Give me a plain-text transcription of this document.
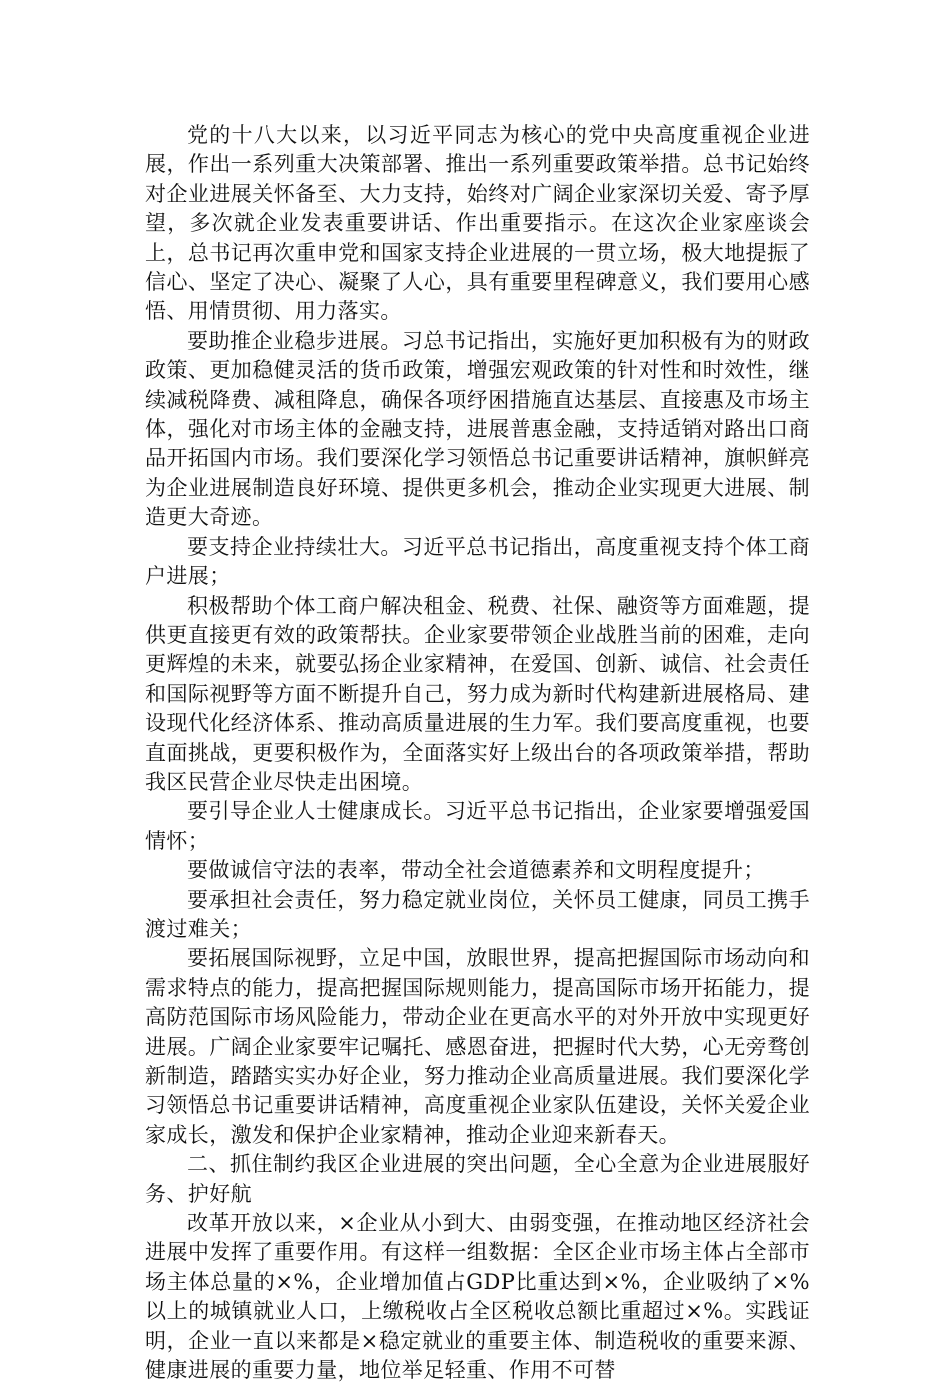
党的十八大以来，以习近平同志为核心的党中央高度重视企业进展，作出一系列重大决策部署、推出一系列重要政策举措。总书记始终对企业进展关怀备至、大力支持，始终对广阔企业家深切关爱、寄予厚望，多次就企业发表重要讲话、作出重要指示。在这次企业家座谈会上，总书记再次重申党和国家支持企业进展的一贯立场，极大地提振了信心、坚定了决心、凝聚了人心，具有重要里程碑意义，我们要用心感悟、用情贯彻、用力落实。

要助推企业稳步进展。习总书记指出，实施好更加积极有为的财政政策、更加稳健灵活的货币政策，增强宏观政策的针对性和时效性，继续减税降费、减租降息，确保各项纾困措施直达基层、直接惠及市场主体，强化对市场主体的金融支持，进展普惠金融，支持适销对路出口商品开拓国内市场。我们要深化学习领悟总书记重要讲话精神，旗帜鲜亮为企业进展制造良好环境、提供更多机会，推动企业实现更大进展、制造更大奇迹。

要支持企业持续壮大。习近平总书记指出，高度重视支持个体工商户进展；

积极帮助个体工商户解决租金、税费、社保、融资等方面难题，提供更直接更有效的政策帮扶。企业家要带领企业战胜当前的困难，走向更辉煌的未来，就要弘扬企业家精神，在爱国、创新、诚信、社会责任和国际视野等方面不断提升自己，努力成为新时代构建新进展格局、建设现代化经济体系、推动高质量进展的生力军。我们要高度重视，也要直面挑战，更要积极作为，全面落实好上级出台的各项政策举措，帮助我区民营企业尽快走出困境。

要引导企业人士健康成长。习近平总书记指出，企业家要增强爱国情怀；

要做诚信守法的表率，带动全社会道德素养和文明程度提升；

要承担社会责任，努力稳定就业岗位，关怀员工健康，同员工携手渡过难关；

要拓展国际视野，立足中国，放眼世界，提高把握国际市场动向和需求特点的能力，提高把握国际规则能力，提高国际市场开拓能力，提高防范国际市场风险能力，带动企业在更高水平的对外开放中实现更好进展。广阔企业家要牢记嘱托、感恩奋进，把握时代大势，心无旁骛创新制造，踏踏实实办好企业，努力推动企业高质量进展。我们要深化学习领悟总书记重要讲话精神，高度重视企业家队伍建设，关怀关爱企业家成长，激发和保护企业家精神，推动企业迎来新春天。

二、抓住制约我区企业进展的突出问题，全心全意为企业进展服好务、护好航

改革开放以来，×企业从小到大、由弱变强，在推动地区经济社会进展中发挥了重要作用。有这样一组数据：全区企业市场主体占全部市场主体总量的×%，企业增加值占GDP比重达到×%，企业吸纳了×%以上的城镇就业人口，上缴税收占全区税收总额比重超过×%。实践证明，企业一直以来都是×稳定就业的重要主体、制造税收的重要来源、健康进展的重要力量，地位举足轻重、作用不可替
